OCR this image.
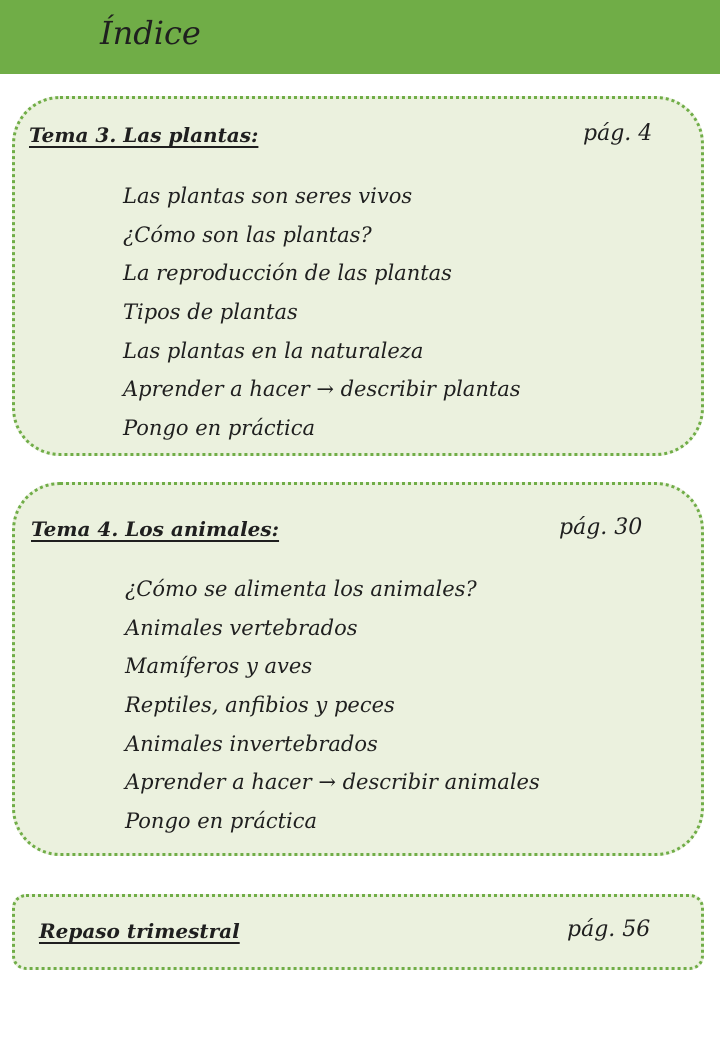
Índice
Tema 3. Las plantas:	pág. 4
Las plantas son seres vivos
¿Cómo son las plantas?
La reproducción de las plantas
Tipos de plantas
Las plantas en la naturaleza
Aprender a hacer → describir plantas
Pongo en práctica
Tema 4. Los animales:	pág. 30
¿Cómo se alimenta los animales?
Animales vertebrados
Mamíferos y aves
Reptiles, anfibios y peces
Animales invertebrados
Aprender a hacer → describir animales
Pongo en práctica
Repaso trimestral	pág. 56
